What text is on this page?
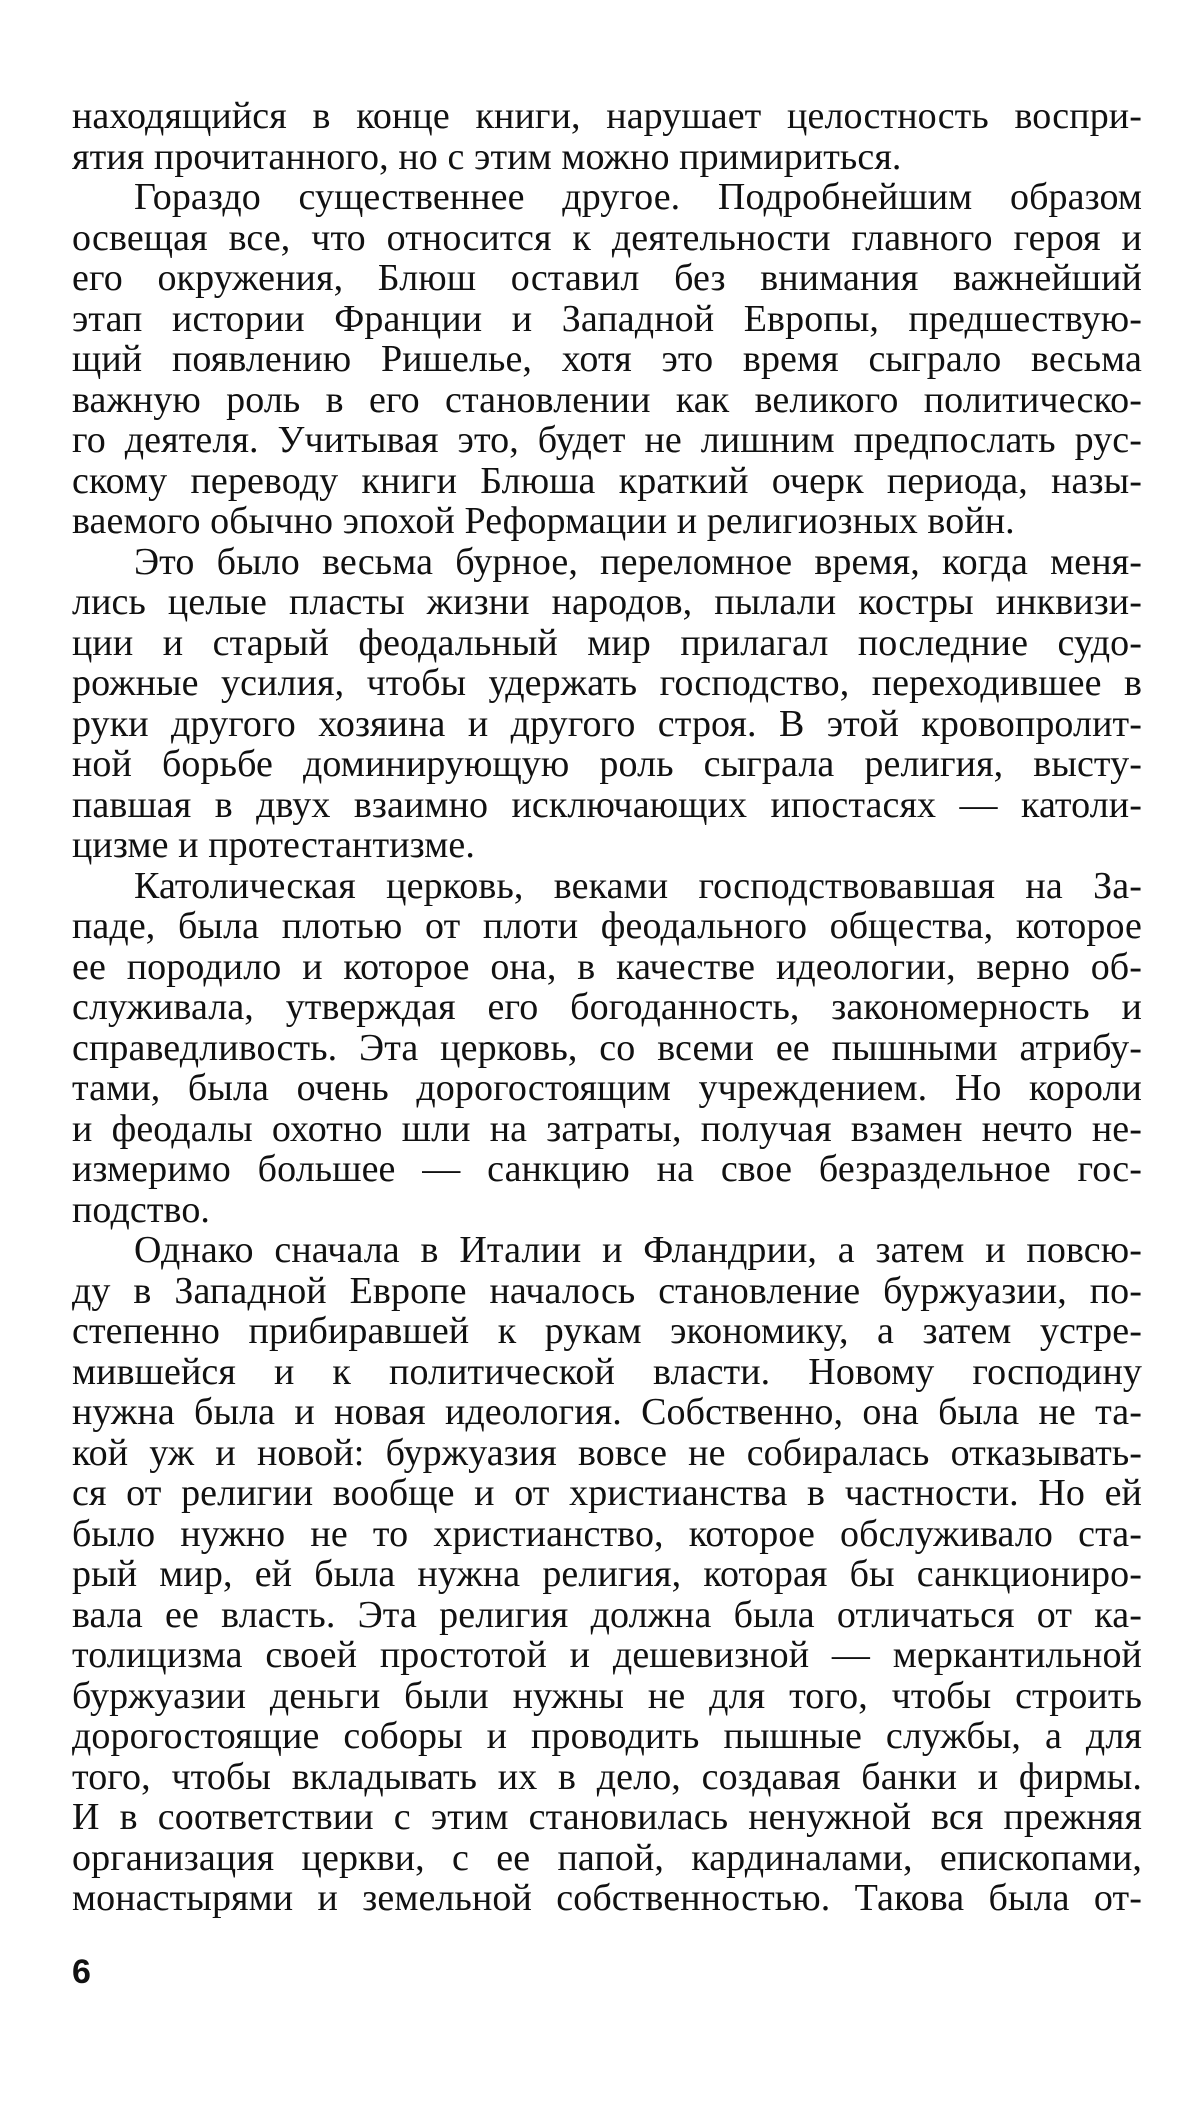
находящийся в конце книги, нарушает целостность воспри-
ятия прочитанного, но с этим можно примириться.
Гораздо существеннее другое. Подробнейшим образом
освещая все, что относится к деятельности главного героя и
его окружения, Блюш оставил без внимания важнейший
этап истории Франции и Западной Европы, предшествую-
щий появлению Ришелье, хотя это время сыграло весьма
важную роль в его становлении как великого политическо-
го деятеля. Учитывая это, будет не лишним предпослать рус-
скому переводу книги Блюша краткий очерк периода, назы-
ваемого обычно эпохой Реформации и религиозных войн.
Это было весьма бурное, переломное время, когда меня-
лись целые пласты жизни народов, пылали костры инквизи-
ции и старый феодальный мир прилагал последние судо-
рожные усилия, чтобы удержать господство, переходившее в
руки другого хозяина и другого строя. В этой кровопролит-
ной борьбе доминирующую роль сыграла религия, высту-
павшая в двух взаимно исключающих ипостасях — католи-
цизме и протестантизме.
Католическая церковь, веками господствовавшая на За-
паде, была плотью от плоти феодального общества, которое
ее породило и которое она, в качестве идеологии, верно об-
служивала, утверждая его богоданность, закономерность и
справедливость. Эта церковь, со всеми ее пышными атрибу-
тами, была очень дорогостоящим учреждением. Но короли
и феодалы охотно шли на затраты, получая взамен нечто не-
измеримо большее — санкцию на свое безраздельное гос-
подство.
Однако сначала в Италии и Фландрии, а затем и повсю-
ду в Западной Европе началось становление буржуазии, по-
степенно прибиравшей к рукам экономику, а затем устре-
мившейся и к политической власти. Новому господину
нужна была и новая идеология. Собственно, она была не та-
кой уж и новой: буржуазия вовсе не собиралась отказывать-
ся от религии вообще и от христианства в частности. Но ей
было нужно не то христианство, которое обслуживало ста-
рый мир, ей была нужна религия, которая бы санкциониро-
вала ее власть. Эта религия должна была отличаться от ка-
толицизма своей простотой и дешевизной — меркантильной
буржуазии деньги были нужны не для того, чтобы строить
дорогостоящие соборы и проводить пышные службы, а для
того, чтобы вкладывать их в дело, создавая банки и фирмы.
И в соответствии с этим становилась ненужной вся прежняя
организация церкви, с ее папой, кардиналами, епископами,
монастырями и земельной собственностью. Такова была от-
6
